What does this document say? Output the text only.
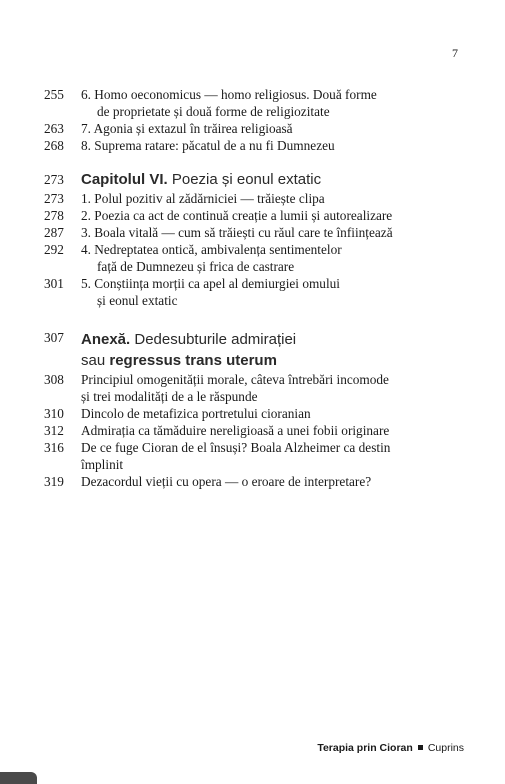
7
255	6. Homo oeconomicus — homo religiosus. Două forme
de proprietate și două forme de religiozitate
263	7. Agonia și extazul în trăirea religioasă
268	8. Suprema ratare: păcatul de a nu fi Dumnezeu
273	Capitolul VI. Poezia și eonul extatic
273	1. Polul pozitiv al zădărniciei — trăiește clipa
278	2. Poezia ca act de continuă creație a lumii și autorealizare
287	3. Boala vitală — cum să trăiești cu răul care te înființează
292	4. Nedreptatea ontică, ambivalența sentimentelor
față de Dumnezeu și frica de castrare
301	5. Conștiința morții ca apel al demiurgiei omului
și eonul extatic
307	Anexă. Dedesubturile admirației
sau regressus trans uterum
308	Principiul omogenității morale, câteva întrebări incomode
și trei modalități de a le răspunde
310	Dincolo de metafizica portretului cioranian
312	Admirația ca tămăduire nereligioasă a unei fobii originare
316	De ce fuge Cioran de el însuși? Boala Alzheimer ca destin
împlinit
319	Dezacordul vieții cu opera — o eroare de interpretare?
Terapia prin Cioran Cuprins
